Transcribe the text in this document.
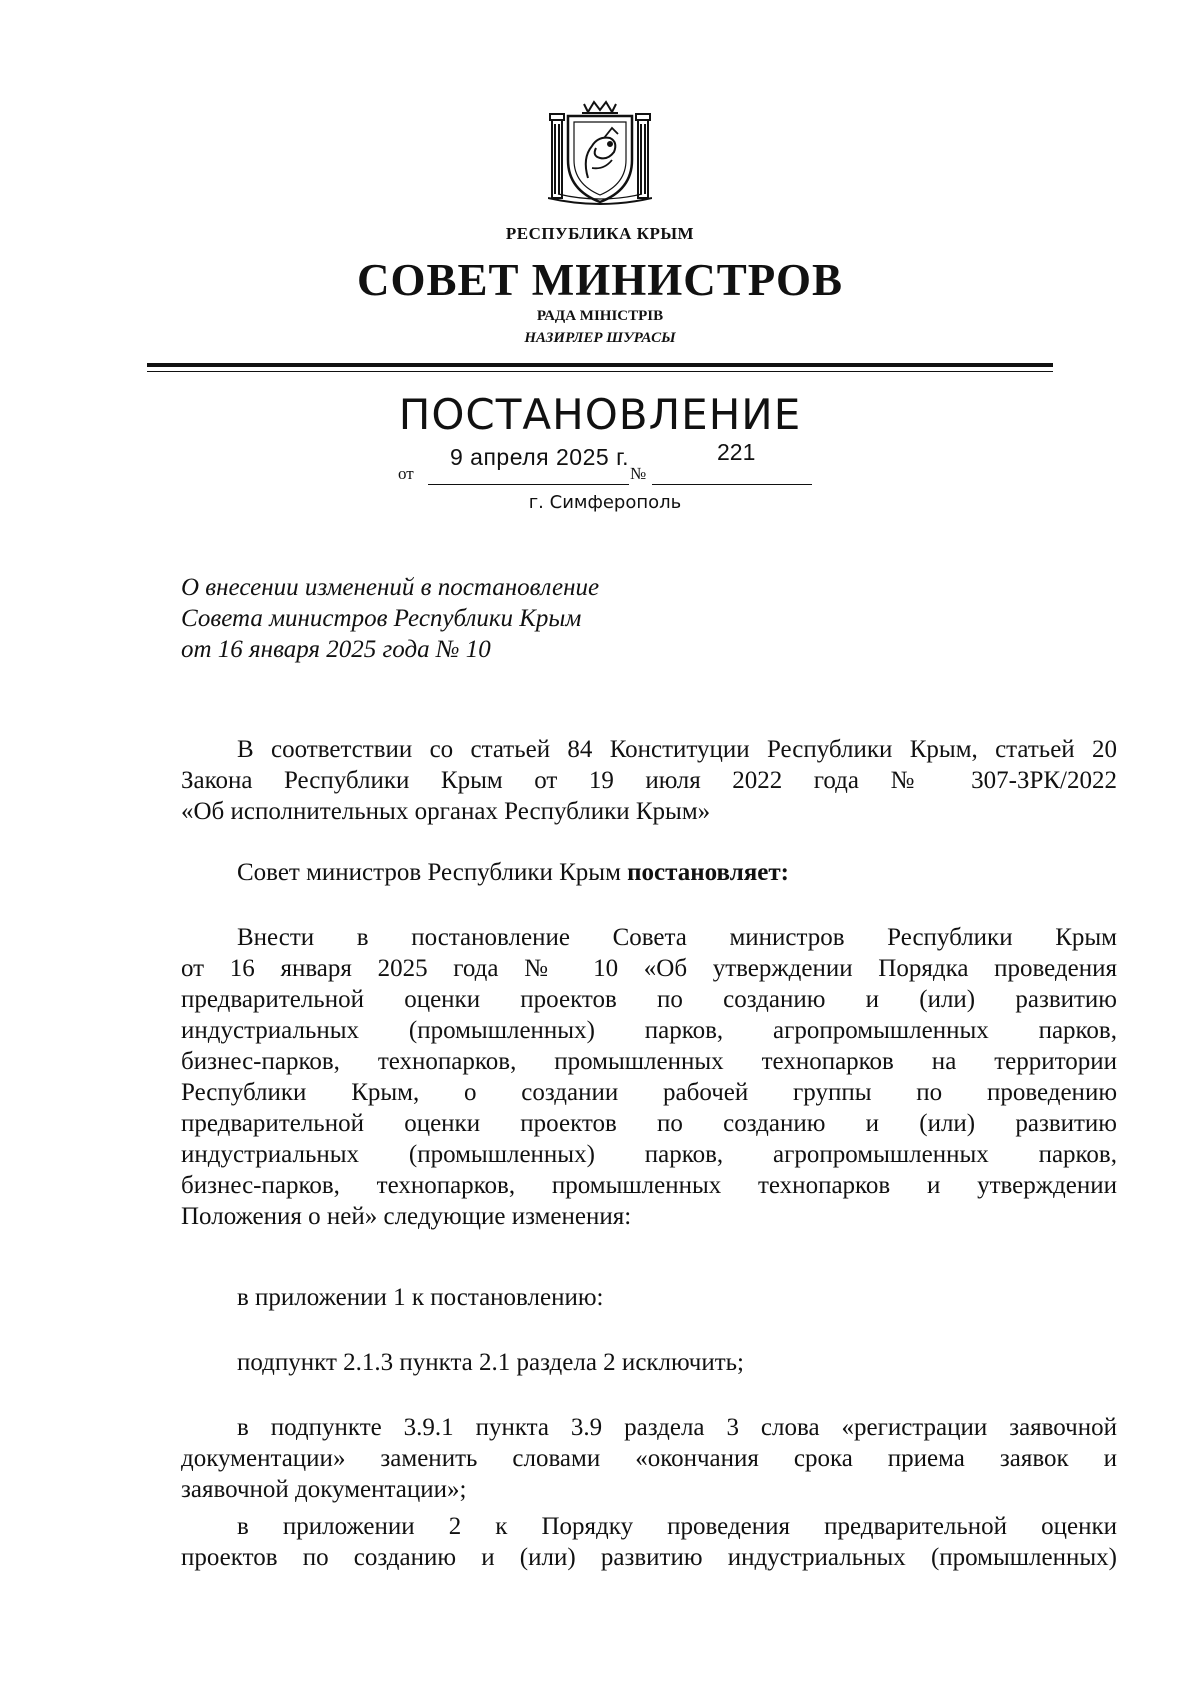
РЕСПУБЛИКА КРЫМ
СОВЕТ МИНИСТРОВ
РАДА МІНІСТРІВ
НАЗИРЛЕР ШУРАСЫ
ПОСТАНОВЛЕНИЕ
от
9 апреля 2025 г.
№
221
г. Симферополь
О внесении изменений в постановление
Совета министров Республики Крым
от 16 января 2025 года № 10
В соответствии со статьей 84 Конституции Республики Крым, статьей 20
Закона Республики Крым от 19 июля 2022 года № 307-ЗРК/2022
«Об исполнительных органах Республики Крым»
Совет министров Республики Крым постановляет:
Внести в постановление Совета министров Республики Крым
от 16 января 2025 года № 10 «Об утверждении Порядка проведения
предварительной оценки проектов по созданию и (или) развитию
индустриальных (промышленных) парков, агропромышленных парков,
бизнес-парков, технопарков, промышленных технопарков на территории
Республики Крым, о создании рабочей группы по проведению
предварительной оценки проектов по созданию и (или) развитию
индустриальных (промышленных) парков, агропромышленных парков,
бизнес-парков, технопарков, промышленных технопарков и утверждении
Положения о ней» следующие изменения:
в приложении 1 к постановлению:
подпункт 2.1.3 пункта 2.1 раздела 2 исключить;
в подпункте 3.9.1 пункта 3.9 раздела 3 слова «регистрации заявочной
документации» заменить словами «окончания срока приема заявок и
заявочной документации»;
в приложении 2 к Порядку проведения предварительной оценки
проектов по созданию и (или) развитию индустриальных (промышленных)
